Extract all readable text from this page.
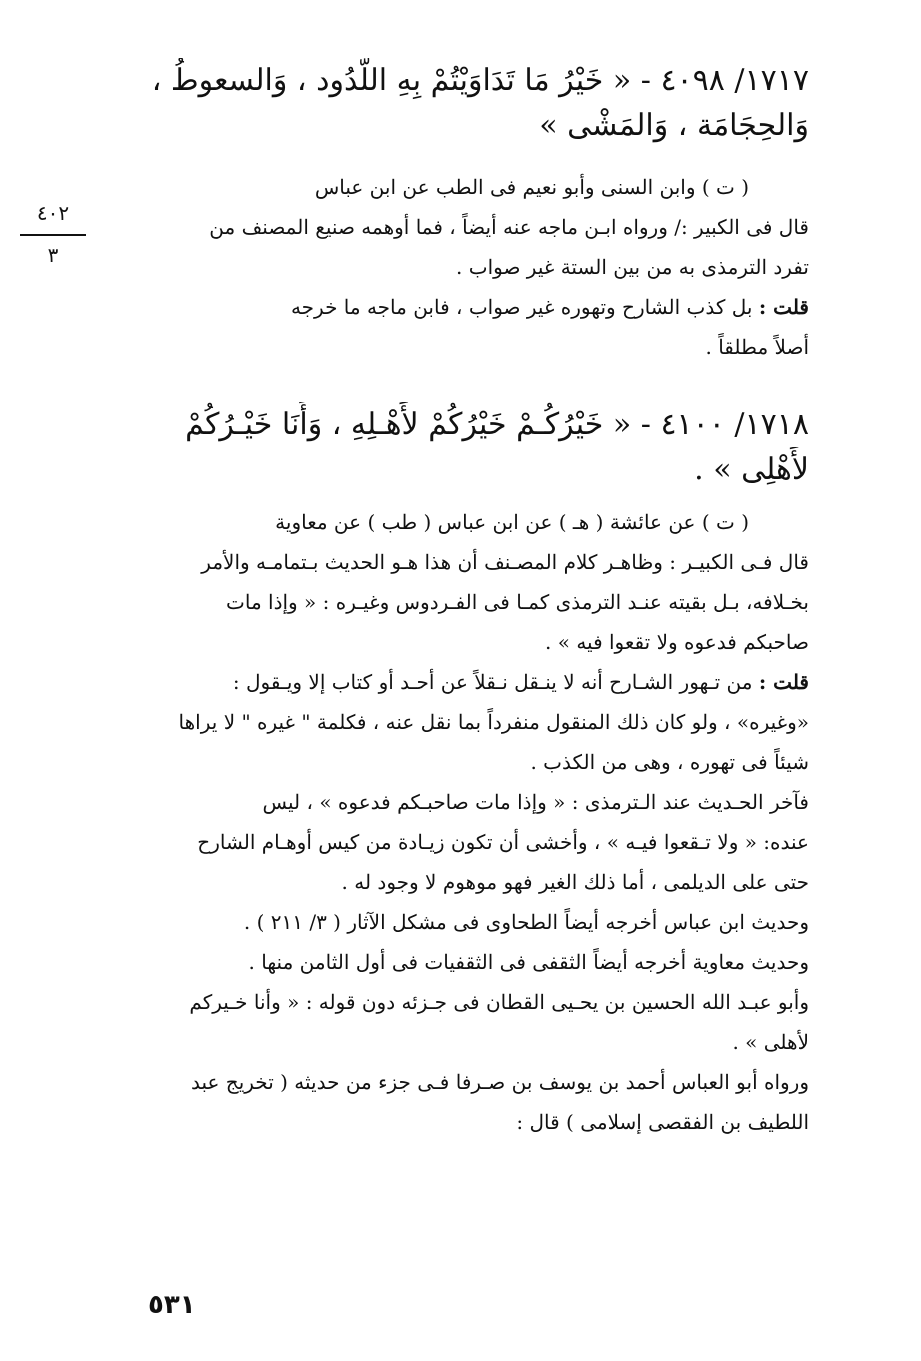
١٧١٧/ ٤٠٩٨ - « خَيْرُ مَا تَدَاوَيْتُمْ بِهِ اللَّدُود ، وَالسعوطُ ،
وَالحِجَامَة ، وَالمَشْى »
( ت ) وابن السنى وأبو نعيم فى الطب عن ابن عباس
قال فى الكبير :/ ورواه ابـن ماجه عنه أيضاً ، فما أوهمه صنيع المصنف من
تفرد الترمذى به من بين الستة غير صواب .
قلت : بل كذب الشارح وتهوره غير صواب ، فابن ماجه ما خرجه
أصلاً مطلقاً .
٤٠٢
٣
١٧١٨/ ٤١٠٠ - « خَيْرُكُـمْ خَيْرُكُمْ لأَهْـلِهِ ، وَأَنَا خَيْـرُكُمْ
لأَهْلِى » .
( ت ) عن عائشة ( هـ ) عن ابن عباس ( طب ) عن معاوية
قال فـى الكبيـر : وظاهـر كلام المصـنف أن هذا هـو الحديث بـتمامـه والأمر
بخـلافه، بـل بقيته عنـد الترمذى كمـا فى الفـردوس وغيـره : « وإذا مات
صاحبكم فدعوه ولا تقعوا فيه » .
قلت : من تـهور الشـارح أنه لا ينـقل نـقلاً عن أحـد أو كتاب إلا ويـقول :
«وغيره» ، ولو كان ذلك المنقول منفرداً بما نقل عنه ، فكلمة " غيره " لا يراها
شيئاً فى تهوره ، وهى من الكذب .
فآخر الحـديث عند الـترمذى : « وإذا مات صاحبـكم فدعوه » ، ليس
عنده: « ولا تـقعوا فيـه » ، وأخشى أن تكون زيـادة من كيس أوهـام الشارح
حتى على الديلمى ، أما ذلك الغير فهو موهوم لا وجود له .
وحديث ابن عباس أخرجه أيضاً الطحاوى فى مشكل الآثار ( ٣/ ٢١١ ) .
وحديث معاوية أخرجه أيضاً الثقفى فى الثقفيات فى أول الثامن منها .
وأبو عبـد الله الحسين بن يحـيى القطان فى جـزئه دون قوله : « وأنا خـيركم
لأهلى » .
ورواه أبو العباس أحمد بن يوسف بن صـرفا فـى جزء من حديثه ( تخريج عبد
اللطيف بن الفقصى إسلامى ) قال :
٥٣١
